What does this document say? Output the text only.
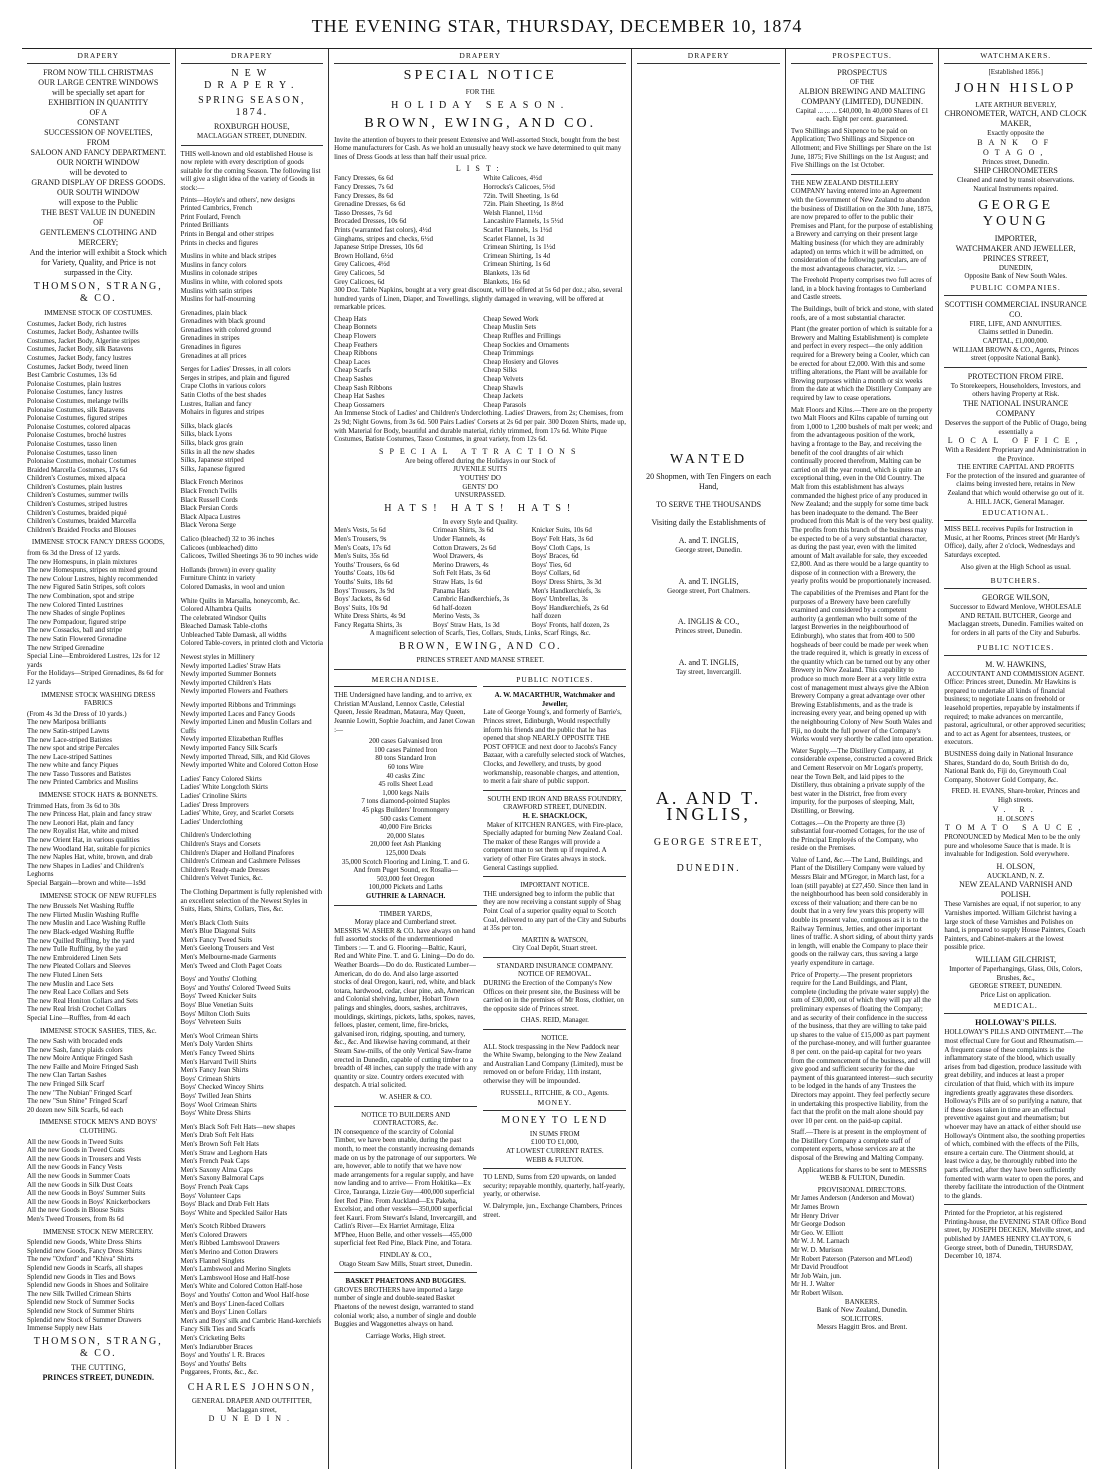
THE EVENING STAR, THURSDAY, DECEMBER 10, 1874
DRAPERY
FROM NOW TILL CHRISTMAS
OUR LARGE CENTRE WINDOWS
will be specially set apart for
EXHIBITION IN QUANTITY
OF A
CONSTANT
SUCCESSION OF NOVELTIES,
FROM
SALOON AND FANCY DEPARTMENT.
OUR NORTH WINDOW
will be devoted to
GRAND DISPLAY OF DRESS GOODS.
OUR SOUTH WINDOW
will expose to the Public
THE BEST VALUE IN DUNEDIN
OF
GENTLEMEN'S CLOTHING AND
MERCERY;
And the interior will exhibit a Stock which for Variety, Quality, and Price is not surpassed in the City.
THOMSON, STRANG, & CO.
IMMENSE STOCK OF COSTUMES.
Costumes, Jacket Body, rich lustres
Costumes, Jacket Body, Ashantee twills
Costumes, Jacket Body, Algerine stripes
Costumes, Jacket Body, silk Batavens
Costumes, Jacket Body, fancy lustres
Costumes, Jacket Body, tweed linen
Best Cambric Costumes, 13s 6d
Polonaise Costumes, plain lustres
Polonaise Costumes, fancy lustres
Polonaise Costumes, melange twills
Polonaise Costumes, silk Batavens
Polonaise Costumes, figured stripes
Polonaise Costumes, colored alpacas
Polonaise Costumes, broché lustres
Polonaise Costumes, tasso linen
Polonaise Costumes, tasso linen
Polonaise Costumes, mohair Costumes
Braided Marcella Costumes, 17s 6d
Children's Costumes, mixed alpaca
Children's Costumes, plain lustres
Children's Costumes, summer twills
Children's Costumes, striped lustres
Children's Costumes, braided piqué
Children's Costumes, braided Marcella
Children's Braided Frocks and Blouses
IMMENSE STOCK FANCY DRESS GOODS,
from 6s 3d the Dress of 12 yards.
The new Homespuns, in plain mixtures
The new Homespuns, stripes on mixed ground
The new Colour Lustres, highly recommended
The new Figured Satin Stripes, soft colors
The new Combination, spot and stripe
The new Colored Tinted Lustrines
The new Shades of single Poplines
The new Pompadour, figured stripe
The new Cossacks, ball and stripe
The new Satin Flowered Grenadine
The new Striped Grenadine
Special Line—Embroidered Lustres, 12s for 12 yards
For the Holidays—Striped Grenadines, 8s 6d for 12 yards
IMMENSE STOCK WASHING DRESS FABRICS
(From 4s 3d the Dress of 10 yards.)
The new Mariposa brilliants
The new Satin-striped Lawns
The new Lace-striped Batistes
The new spot and stripe Percales
The new Lace-striped Sattines
The new white and fancy Piques
The new Tasso Tussores and Batistes
The new Printed Cambrics and Muslins
IMMENSE STOCK HATS & BONNETS.
Trimmed Hats, from 3s 6d to 30s
The new Princess Hat, plain and fancy straw
The new Leonori Hat, plain and fancy
The new Royalist Hat, white and mixed
The new Orient Hat, in various qualities
The new Woodland Hat, suitable for picnics
The new Naples Hat, white, brown, and drab
The new Shapes in Ladies' and Children's Leghorns
Special Bargain—brown and white—1s9d
IMMENSE STOCK OF NEW RUFFLES
The new Brussels Net Washing Ruffle
The new Flirted Muslin Washing Ruffle
The new Muslin and Lace Washing Ruffle
The new Black-edged Washing Ruffle
The new Quilled Ruffling, by the yard
The new Tulle Ruffling, by the yard
The new Embroidered Linen Sets
The new Pleated Collars and Sleeves
The new Fluted Linen Sets
The new Muslin and Lace Sets
The new Real Lace Collars and Sets
The new Real Honiton Collars and Sets
The new Real Irish Crochet Collars
Special Line—Ruffles, from 4d each
IMMENSE STOCK SASHES, TIES, &c.
The new Sash with brocaded ends
The new Sash, fancy plaids colors
The new Moire Antique Fringed Sash
The new Faille and Moire Fringed Sash
The new Clan Tartan Sashes
The new Fringed Silk Scarf
The new "The Nubian" Fringed Scarf
The new "Sun Shine" Fringed Scarf
20 dozen new Silk Scarfs, 6d each
IMMENSE STOCK MEN'S AND BOYS' CLOTHING.
All the new Goods in Tweed Suits
All the new Goods in Tweed Coats
All the new Goods in Trousers and Vests
All the new Goods in Fancy Vests
All the new Goods in Summer Coats
All the new Goods in Silk Dust Coats
All the new Goods in Boys' Summer Suits
All the new Goods in Boys' Knickerbockers
All the new Goods in Blouse Suits
Men's Tweed Trousers, from 8s 6d
IMMENSE STOCK NEW MERCERY.
Splendid new Goods, White Dress Shirts
Splendid new Goods, Fancy Dress Shirts
The new "Oxford" and "Khiva" Shirts
Splendid new Goods in Scarfs, all shapes
Splendid new Goods in Ties and Bows
Splendid new Goods in Shoes and Solitaire
The new Silk Twilled Crimean Shirts
Splendid new Stock of Summer Socks
Splendid new Stock of Summer Shirts
Splendid new Stock of Summer Drawers
Immense Supply new Hats
THOMSON, STRANG, & CO.
THE CUTTING,
PRINCES STREET, DUNEDIN.
DRAPERY
NEW DRAPERY.
SPRING SEASON, 1874.
ROXBURGH HOUSE,
MACLAGGAN STREET, DUNEDIN.

THIS well-known and old established House is now replete with every description of goods suitable for the coming Season. The following list will give a slight idea of the variety of Goods in stock:—

Prints—Hoyle's and others', new designs
Printed Cambrics, French
Print Foulard, French
Printed Brilliants
Prints in Bengal and other stripes
Prints in checks and figures
Muslins in white and black stripes
Muslins in fancy colors
Muslins in colonade stripes
Muslins in white, with colored spots
Muslins with satin stripes
Muslins for half-mourning
Grenadines, plain black
Grenadines with black ground
Grenadines with colored ground
Grenadines in stripes
Grenadines in figures
Grenadines at all prices
Serges for Ladies' Dresses, in all colors
Serges in stripes, and plain and figured
Crape Cloths in various colors
Satin Cloths of the best shades
Lustres, Italian and fancy
Mohairs in figures and stripes
Silks, black glacés
Silks, black Lyons
Silks, black gros grain
Silks in all the new shades
Silks, Japanese striped
Silks, Japanese figured
Black French Merinos
Black French Twills
Black Russell Cords
Black Persian Cords
Black Alpaca Lustres
Black Verona Serge
Calico (bleached) 32 to 36 inches
Calicoes (unbleached) ditto
Calicoes, Twilled Sheetings 36 to 90 inches wide
Hollands (brown) in every quality
Furniture Chintz in variety
Colored Damasks, in wool and union
White Quilts in Marsalla, honeycomb, &c.
Colored Alhambra Quilts
The celebrated Windsor Quilts
Bleached Damask Table-cloths
Unbleached Table Damask, all widths
Colored Table-covers, in printed cloth and Victoria
Newest styles in Millinery
Newly imported Ladies' Straw Hats
Newly imported Summer Bonnets
Newly imported Children's Hats
Newly imported Flowers and Feathers
Newly imported Ribbons and Trimmings
Newly imported Laces and Fancy Goods
Newly imported Linen and Muslin Collars and Cuffs
Newly imported Elizabethan Ruffles
Newly imported Fancy Silk Scarfs
Newly imported Thread, Silk, and Kid Gloves
Newly imported White and Colored Cotton Hose
Ladies' Fancy Colored Skirts
Ladies' White Longcloth Skirts
Ladies' Crinoline Skirts
Ladies' Dress Improvers
Ladies' White, Grey, and Scarlet Corsets
Ladies' Underclothing
Children's Underclothing
Children's Stays and Corsets
Children's Diaper and Holland Pinafores
Children's Crimean and Cashmere Pelisses
Children's Ready-made Dresses
Children's Velvet Tunics, &c.
The Clothing Department is fully replenished with an excellent selection of the Newest Styles in Suits, Hats, Shirts, Collars, Ties, &c.
Men's Black Cloth Suits
Men's Blue Diagonal Suits
Men's Fancy Tweed Suits
Men's Geelong Trousers and Vest
Men's Melbourne-made Garments
Men's Tweed and Cloth Paget Coats
Boys' and Youths' Clothing
Boys' and Youths' Colored Tweed Suits
Boys' Tweed Knicker Suits
Boys' Blue Venetian Suits
Boys' Milton Cloth Suits
Boys' Velveteen Suits
Men's Wool Crimean Shirts
Men's Doly Varden Shirts
Men's Fancy Tweed Shirts
Men's Harvard Twill Shirts
Men's Fancy Jean Shirts
Boys' Crimean Shirts
Boys' Checked Wincey Shirts
Boys' Twilled Jean Shirts
Boys' Wool Crimean Shirts
Boys' White Dress Shirts
Men's Black Soft Felt Hats—new shapes
Men's Drab Soft Felt Hats
Men's Brown Soft Felt Hats
Men's Straw and Leghorn Hats
Men's French Peak Caps
Men's Saxony Alma Caps
Men's Saxony Balmoral Caps
Boys' French Peak Caps
Boys' Volunteer Caps
Boys' Black and Drab Felt Hats
Boys' White and Speckled Sailor Hats
Men's Scotch Ribbed Drawers
Men's Colored Drawers
Men's Ribbed Lambswool Drawers
Men's Merino and Cotton Drawers
Men's Flannel Singlets
Men's Lambswool and Merino Singlets
Men's Lambswool Hose and Half-hose
Men's White and Colored Cotton Half-hose
Boys' and Youths' Cotton and Wool Half-hose
Men's and Boys' Linen-faced Collars
Men's and Boys' Linen Collars
Men's and Boys' silk and Cambric Hand-kerchiefs
Fancy Silk Ties and Scarfs
Men's Cricketing Belts
Men's Indiarubber Braces
Boys' and Youths' l. R. Braces
Boys' and Youths' Belts
Puggarees, Fronts, &c., &c.
CHARLES JOHNSON,
GENERAL DRAPER AND OUTFITTER,
Maclaggan street,
DUNEDIN.
DRAPERY
SPECIAL NOTICE
FOR THE
HOLIDAY SEASON.
BROWN, EWING, AND CO.

Invite the attention of buyers to their present Extensive and Well-assorted Stock, bought from the best Home manufacturers for Cash. As we hold an unusually heavy stock we have determined to quit many lines of Dress Goods at less than half their usual price.

LIST:
Fancy Dresses, 6s 6d
Fancy Dresses, 7s 6d
Fancy Dresses, 8s 6d
Grenadine Dresses, 6s 6d
Tasso Dresses, 7s 6d
Brocaded Dresses, 10s 6d
Prints (warranted fast colors), 4½d
Ginghams, stripes and checks, 6½d
Japanese Stripe Dresses, 10s 6d
Brown Holland, 6½d
Grey Calicoes, 4½d
Grey Calicoes, 5d
Grey Calicoes, 6d
White Calicoes, 4½d
Horrocks's Calicoes, 5½d
72in. Twill Sheeting, 1s 6d
72in. Plain Sheeting, 1s 8½d
Welsh Flannel, 11½d
Lancashire Flannels, 1s 5½d
Scarlet Flannels, 1s 1½d
Scarlet Flannel, 1s 3d
Crimean Shirting, 1s 1½d
Crimean Shirting, 1s 4d
Crimean Shirting, 1s 6d
Blankets, 13s 6d
Blankets, 16s 6d

300 Doz. Table Napkins, bought at a very great discount, will be offered at 5s 6d per doz.; also, several hundred yards of Linen, Diaper, and Towellings, slightly damaged in weaving, will be offered at remarkable prices.

Cheap Hats
Cheap Bonnets
Cheap Flowers
Cheap Feathers
Cheap Ribbons
Cheap Laces
Cheap Scarfs
Cheap Sashes
Cheap Sash Ribbons
Cheap Hat Sashes
Cheap Gossamers
Cheap Sewed Work
Cheap Muslin Sets
Cheap Ruffles and Frillings
Cheap Sockies and Ornaments
Cheap Trimmings
Cheap Hosiery and Gloves
Cheap Silks
Cheap Velvets
Cheap Shawls
Cheap Jackets
Cheap Parasols

An Immense Stock of Ladies' and Children's Underclothing. Ladies' Drawers, from 2s; Chemises, from 2s 9d; Night Gowns, from 3s 6d. 500 Pairs Ladies' Corsets at 2s 6d per pair. 300 Dozen Shirts, made up, with Material for Body, beautiful and durable material, richly trimmed, from 17s 6d. White Pique Costumes, Batiste Costumes, Tasso Costumes, in great variety, from 12s 6d.

SPECIAL ATTRACTIONS
Are being offered during the Holidays in our Stock of
JUVENILE SUITS
YOUTHS' DO
GENTS' DO
UNSURPASSED.
HATS! HATS! HATS!
In every Style and Quality.
Men's Vests, 5s 6d
Men's Trousers, 9s
Men's Coats, 17s 6d
Men's Suits, 35s 6d
Youths' Trousers, 6s 6d
Youths' Coats, 10s 6d
Youths' Suits, 18s 6d
Boys' Trousers, 3s 9d
Boys' Jackets, 8s 6d
Boys' Suits, 10s 9d
White Dress Shirts, 4s 9d
Fancy Regatta Shirts, 3s
Crimean Shirts, 3s 6d
Under Flannels, 4s
Cotton Drawers, 2s 6d
Wool Drawers, 4s
Merino Drawers, 4s
Soft Felt Hats, 3s 6d
Straw Hats, 1s 6d
Panama Hats
Cambric Handkerchiefs, 3s
6d half-dozen
Merino Vests, 3s
Boys' Straw Hats, 1s 3d
Knicker Suits, 10s 6d
Boys' Felt Hats, 3s 6d
Boys' Cloth Caps, 1s
Boys' Braces, 6d
Boys' Ties, 6d
Boys' Collars, 6d
Boys' Dress Shirts, 3s 3d
Men's Handkerchiefs, 3s
Boys' Umbrellas, 3s
Boys' Handkerchiefs, 2s 6d
half dozen
Boys' Fronts, half dozen, 2s
A magnificent selection of Scarfs, Ties, Collars, Studs, Links, Scarf Rings, &c.
BROWN, EWING, AND CO.
PRINCES STREET AND MANSE STREET.
MERCHANDISE.

THE Undersigned have landing, and to arrive, ex Christian M'Ausland, Lennox Castle, Celestial Queen, Jessie Readman, Mataura, May Queen, Jeannie Lowitt, Sophie Joachim, and Janet Cowan :—

200 cases Galvanised Iron
100 cases Painted Iron
80 tons Standard Iron
60 tons Wire
40 casks Zinc
45 rolls Sheet Lead
1,000 kegs Nails
7 tons diamond-pointed Staples
45 pkgs Builders' Ironmongery
500 casks Cement
40,000 Fire Bricks
20,000 Slates
20,000 feet Ash Planking
125,000 Deals
35,000 Scotch Flooring and Lining, T. and G.
And from Puget Sound, ex Rosalia—
503,000 feet Oregon
100,000 Pickets and Laths
GUTHRIE & LARNACH.
TIMBER YARDS,
Moray place and Cumberland street.

MESSRS W. ASHER & CO. have always on hand full assorted stocks of the undermentioned Timbers :— T. and G. Flooring—Baltic, Kauri, Red and White Pine. T. and G. Lining—Do do do. Weather Boards—Do do do. Rusticated Lumber—American, do do do. And also large assorted stocks of deal Oregon, kauri, red, white, and black totara, hardwood, cedar, clear pine, ash, American and Colonial shelving, lumber, Hobart Town palings and shingles, doors, sashes, architraves, mouldings, skirtings, pickets, laths, spokes, naves, felloes, plaster, cement, lime, fire-bricks, galvanised iron, ridging, spouting, and turnery, &c., &c. And likewise having command, at their Steam Saw-mills, of the only Vertical Saw-frame erected in Dunedin, capable of cutting timber to a breadth of 48 inches, can supply the trade with any quantity or size. Country orders executed with despatch. A trial solicited.

W. ASHER & CO.
NOTICE TO BUILDERS AND CONTRACTORS, &c.

IN consequence of the scarcity of Colonial Timber, we have been unable, during the past month, to meet the constantly increasing demands made on us by the patronage of our supporters. We are, however, able to notify that we have now made arrangements for a regular supply, and have now landing and to arrive— From Hokitika—Ex Circe, Tauranga, Lizzie Guy—400,000 superficial feet Red Pine. From Auckland—Ex Pakeha, Excelsior, and other vessels—350,000 superficial feet Kauri. From Stewart's Island, Invercargill, and Catlin's River—Ex Harriet Armitage, Eliza M'Phee, Huon Belle, and other vessels—455,000 superficial feet Red Pine, Black Pine, and Totara.

FINDLAY & CO.,
Otago Steam Saw Mills, Stuart street, Dunedin.
BASKET PHAETONS AND BUGGIES.

GROVES BROTHERS have imported a large number of single and double-seated Basket Phaetons of the newest design, warranted to stand colonial work; also, a number of single and double Buggies and Waggonettes always on hand.

Carriage Works, High street.
PUBLIC NOTICES.
A. W. MACARTHUR, Watchmaker and Jeweller,

Late of George Young's, and formerly of Barrie's, Princes street, Edinburgh, Would respectfully inform his friends and the public that he has opened that shop NEARLY OPPOSITE THE POST OFFICE and next door to Jacobs's Fancy Bazaar, with a carefully selected stock of Watches, Clocks, and Jewellery, and trusts, by good workmanship, reasonable charges, and attention, to merit a fair share of public support.

SOUTH END IRON AND BRASS FOUNDRY,
CRAWFORD STREET, DUNEDIN.
H. E. SHACKLOCK,
Maker of KITCHEN RANGES, with Fire-place,

Specially adapted for burning New Zealand Coal. The maker of these Ranges will provide a competent man to set them up if required. A variety of other Fire Grates always in stock. General Castings supplied.

IMPORTANT NOTICE.

THE undersigned beg to inform the public that they are now receiving a constant supply of Shag Point Coal of a superior quality equal to Scotch Coal, delivered to any part of the City and Suburbs at 35s per ton.

MARTIN & WATSON,
City Coal Depôt, Stuart street.
STANDARD INSURANCE COMPANY.
NOTICE OF REMOVAL.

DURING the Erection of the Company's New Offices on their present site, the Business will be carried on in the premises of Mr Ross, clothier, on the opposite side of Princes street.

CHAS. REID, Manager.
NOTICE.

ALL Stock trespassing in the New Paddock near the White Swamp, belonging to the New Zealand and Australian Land Company (Limited), must be removed on or before Friday, 11th instant, otherwise they will be impounded.

RUSSELL, RITCHIE, & CO., Agents.
MONEY.
MONEY TO LEND
IN SUMS FROM
£100 TO £1,000,
AT LOWEST CURRENT RATES.
WEBB & FULTON.

TO LEND, Sums from £20 upwards, on landed security; repayable monthly, quarterly, half-yearly, yearly, or otherwise.

W. Dalrymple, jun., Exchange Chambers, Princes street.

DRAPERY
WANTED
20 Shopmen, with Ten Fingers on each Hand,
TO SERVE THE THOUSANDS
Visiting daily the Establishments of
A. and T. INGLIS,
George street, Dunedin.
A. and T. INGLIS,
George street, Port Chalmers.
A. INGLIS & CO.,
Princes street, Dunedin.
A. and T. INGLIS,
Tay street, Invercargill.
A. AND T. INGLIS,
GEORGE STREET,
DUNEDIN.
PROSPECTUS.
PROSPECTUS
OF THE
ALBION BREWING AND MALTING COMPANY (LIMITED), DUNEDIN.

Capital ... ... ... £40,000, In 40,000 Shares of £1 each. Eight per cent. guaranteed.

Two Shillings and Sixpence to be paid on Application; Two Shillings and Sixpence on Allotment; and Five Shillings per Share on the 1st June, 1875; Five Shillings on the 1st August; and Five Shillings on the 1st October.

THE NEW ZEALAND DISTILLERY COMPANY having entered into an Agreement with the Government of New Zealand to abandon the business of Distillation on the 30th June, 1875, are now prepared to offer to the public their Premises and Plant, for the purpose of establishing a Brewery and carrying on their present large Malting business (for which they are admirably adapted) on terms which it will be admitted, on consideration of the following particulars, are of the most advantageous character, viz. :—

The Freehold Property comprises two full acres of land, in a block having frontages to Cumberland and Castle streets.

The Buildings, built of brick and stone, with slated roofs, are of a most substantial character.

Plant (the greater portion of which is suitable for a Brewery and Malting Establishment) is complete and perfect in every respect—the only addition required for a Brewery being a Cooler, which can be erected for about £2,000. With this and some trifling alterations, the Plant will be available for Brewing purposes within a month or six weeks from the date at which the Distillery Company are required by law to cease operations.

Malt Floors and Kilns.—There are on the property two Malt Floors and Kilns capable of turning out from 1,000 to 1,200 bushels of malt per week; and from the advantageous position of the work, having a frontage to the Bay, and receiving the benefit of the cool draughts of air which continually proceed therefrom, Malting can be carried on all the year round, which is quite an exceptional thing, even in the Old Country. The Malt from this establishment has always commanded the highest price of any produced in New Zealand; and the supply for some time back has been inadequate to the demand. The Beer produced from this Malt is of the very best quality. The profits from this branch of the business may be expected to be of a very substantial character, as during the past year, even with the limited amount of Malt available for sale, they exceeded £2,800. And as there would be a large quantity to dispose of in connection with a Brewery, the yearly profits would be proportionately increased.

The capabilities of the Premises and Plant for the purposes of a Brewery have been carefully examined and considered by a competent authority (a gentleman who built some of the largest Breweries in the neighbourhood of Edinburgh), who states that from 400 to 500 hogsheads of beer could be made per week when the trade required it, which is greatly in excess of the quantity which can be turned out by any other Brewery in New Zealand. This capability to produce so much more Beer at a very little extra cost of management must always give the Albion Brewery Company a great advantage over other Brewing Establishments, and as the trade is increasing every year, and being opened up with the neighbouring Colony of New South Wales and Fiji, no doubt the full power of the Company's Works would very shortly be called into operation.

Water Supply.—The Distillery Company, at considerable expense, constructed a covered Brick and Cement Reservoir on Mr Logan's property, near the Town Belt, and laid pipes to the Distillery, thus obtaining a private supply of the best water in the District, free from every impurity, for the purposes of sleeping, Malt, Distilling, or Brewing.

Cottages.—On the Property are three (3) substantial four-roomed Cottages, for the use of the Principal Employés of the Company, who reside on the Premises.

Value of Land, &c.—The Land, Buildings, and Plant of the Distillery Company were valued by Messrs Blair and M'Gregor, in March last, for a loan (still payable) at £27,450. Since then land in the neighbourhood has been sold considerably in excess of their valuation; and there can be no doubt that in a very few years this property will double its present value, contiguous as it is to the Railway Terminus, Jetties, and other important lines of traffic. A short siding, of about thirty yards in length, will enable the Company to place their goods on the railway cars, thus saving a large yearly expenditure in cartage.

Price of Property.—The present proprietors require for the Land Buildings, and Plant, complete (including the private water supply) the sum of £30,000, out of which they will pay all the preliminary expenses of floating the Company; and as security of their confidence in the success of the business, that they are willing to take paid up shares to the value of £15,000 as part payment of the purchase-money, and will further guarantee 8 per cent. on the paid-up capital for two years from the commencement of the business, and will give good and sufficient security for the due payment of this guaranteed interest—such security to be lodged in the hands of any Trustees the Directors may appoint. They feel perfectly secure in undertaking this prospective liability, from the fact that the profit on the malt alone should pay over 10 per cent. on the paid-up capital.

Staff.—There is at present in the employment of the Distillery Company a complete staff of competent experts, whose services are at the disposal of the Brewing and Malting Company.

Applications for shares to be sent to MESSRS WEBB & FULTON, Dunedin.

PROVISIONAL DIRECTORS.
Mr James Anderson (Anderson and Mowat)
Mr James Brown
Mr Henry Driver
Mr George Dodson
Mr Geo. W. Elliott
Mr W. J. M. Larnach
Mr W. D. Murison
Mr Robert Paterson (Paterson and M'Leod)
Mr David Proudfoot
Mr Job Wain, jun.
Mr H. J. Walter
Mr Robert Wilson.
BANKERS.
Bank of New Zealand, Dunedin.
SOLICITORS.
Messrs Haggitt Bros. and Brent.
WATCHMAKERS.
[Established 1856.]
JOHN HISLOP
LATE ARTHUR BEVERLY,
CHRONOMETER, WATCH, AND CLOCK MAKER,
Exactly opposite the
BANK OF OTAGO,
Princes street, Dunedin.
SHIP CHRONOMETERS
Cleaned and rated by transit observations. Nautical Instruments repaired.
GEORGE YOUNG
IMPORTER,
WATCHMAKER AND JEWELLER,
PRINCES STREET,
DUNEDIN,
Opposite Bank of New South Wales.
PUBLIC COMPANIES.
SCOTTISH COMMERCIAL INSURANCE CO.
FIRE, LIFE, AND ANNUITIES.
Claims settled in Dunedin.
CAPITAL, £1,000,000.
WILLIAM BROWN & CO., Agents, Princes street (opposite National Bank).
PROTECTION FROM FIRE.
To Storekeepers, Householders, Investors, and others having Property at Risk.
THE NATIONAL INSURANCE COMPANY
Deserves the support of the Public of Otago, being essentially a
LOCAL OFFICE,
With a Resident Proprietary and Administration in the Province.
THE ENTIRE CAPITAL AND PROFITS
For the protection of the insured and guarantee of claims being invested here, retains in New Zealand that which would otherwise go out of it.
A. HILL JACK, General Manager.
EDUCATIONAL.

MISS BELL receives Pupils for Instruction in Music, at her Rooms, Princes street (Mr Hardy's Office), daily, after 2 o'clock, Wednesdays and Saturdays excepted.

Also given at the High School as usual.

BUTCHERS.
GEORGE WILSON,

Successor to Edward Menlove, WHOLESALE AND RETAIL BUTCHER, George and Maclaggan streets, Dunedin. Families waited on for orders in all parts of the City and Suburbs.

PUBLIC NOTICES.
M. W. HAWKINS,
ACCOUNTANT AND COMMISSION AGENT.

Office: Princes street, Dunedin. Mr Hawkins is prepared to undertake all kinds of financial business; to negotiate Loans on freehold or leasehold properties, repayable by instalments if required; to make advances on mercantile, pastoral, agricultural, or other approved securities; and to act as Agent for absentees, trustees, or executors.

BUSINESS doing daily in National Insurance Shares, Standard do do, South British do do, National Bank do, Fiji do, Greymouth Coal Company, Shotover Gold Company, &c.

FRED. H. EVANS, Share-broker, Princes and High streets.
V. R.
H. OLSON'S
TOMATO SAUCE,

PRONOUNCED by Medical Men to be the only pure and wholesome Sauce that is made. It is invaluable for Indigestion. Sold everywhere.

H. OLSON,
AUCKLAND, N. Z.
NEW ZEALAND VARNISH AND POLISH.

These Varnishes are equal, if not superior, to any Varnishes imported. William Gilchrist having a large stock of these Varnishes and Polishes on hand, is prepared to supply House Painters, Coach Painters, and Cabinet-makers at the lowest possible price.

WILLIAM GILCHRIST,
Importer of Paperhangings, Glass, Oils, Colors, Brushes, &c.,
GEORGE STREET, DUNEDIN.
Price List on application.
MEDICAL.
HOLLOWAY'S PILLS.

HOLLOWAY'S PILLS AND OINTMENT.—The most effectual Cure for Gout and Rheumatism.—A frequent cause of these complaints is the inflammatory state of the blood, which usually arises from bad digestion, produce lassitude with great debility, and induces at least a proper circulation of that fluid, which with its impure ingredients greatly aggravates these disorders. Holloway's Pills are of so purifying a nature, that if these doses taken in time are an effectual preventive against gout and rheumatism; but whoever may have an attack of either should use Holloway's Ointment also, the soothing properties of which, combined with the effects of the Pills, ensure a certain cure. The Ointment should, at least twice a day, be thoroughly rubbed into the parts affected, after they have been sufficiently fomented with warm water to open the pores, and thereby facilitate the introduction of the Ointment to the glands.

Printed for the Proprietor, at his registered Printing-house, the EVENING STAR Office Bond street, by JOSEPH DECKEN, Melville street, and published by JAMES HENRY CLAYTON, 6 George street, both of Dunedin, THURSDAY, December 10, 1874.
